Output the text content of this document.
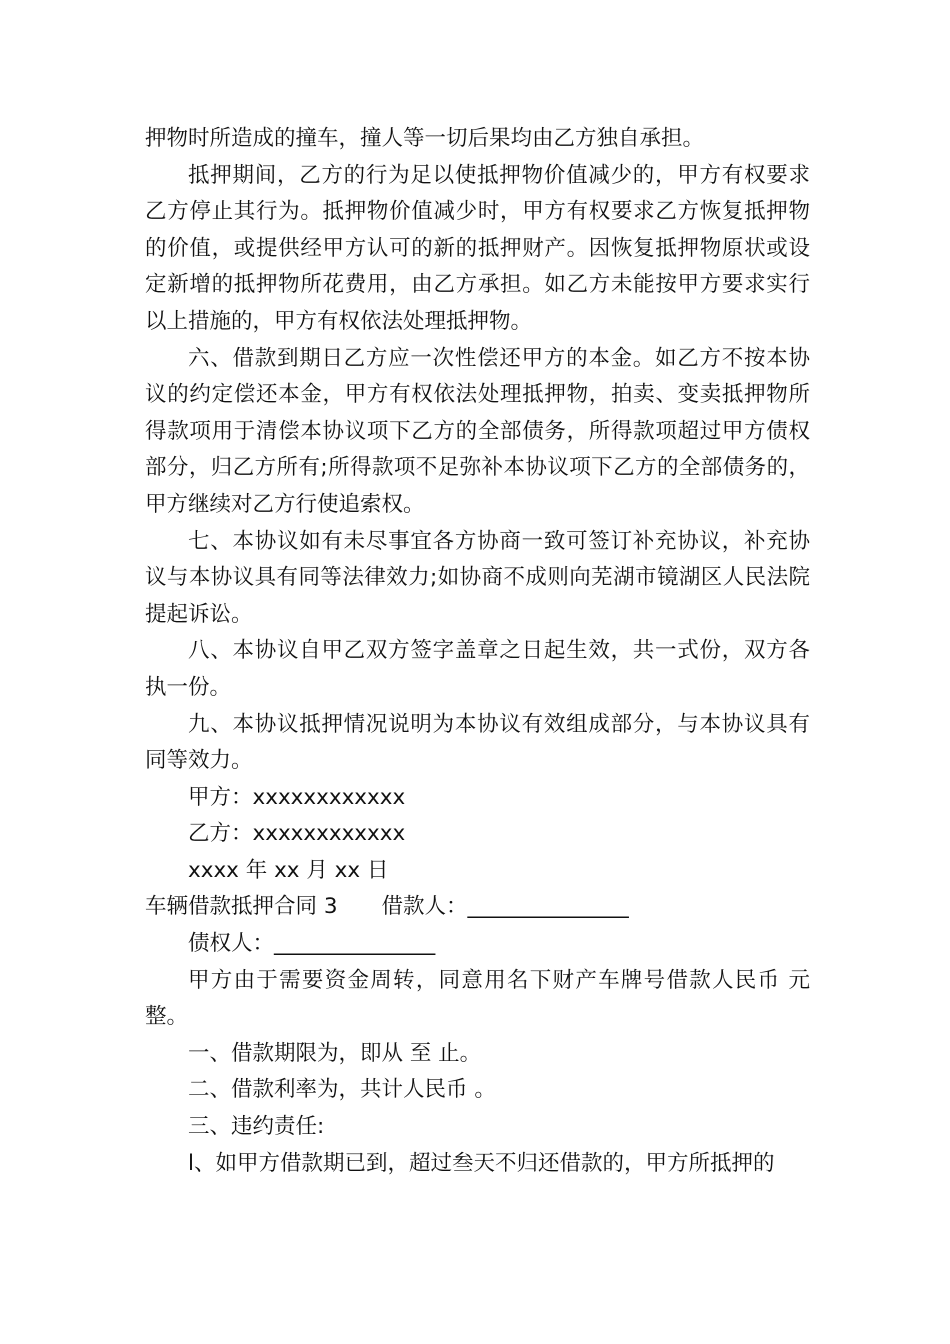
押物时所造成的撞车，撞人等一切后果均由乙方独自承担。

抵押期间，乙方的行为足以使抵押物价值减少的，甲方有权要求乙方停止其行为。抵押物价值减少时，甲方有权要求乙方恢复抵押物的价值，或提供经甲方认可的新的抵押财产。因恢复抵押物原状或设定新增的抵押物所花费用，由乙方承担。如乙方未能按甲方要求实行以上措施的，甲方有权依法处理抵押物。

六、借款到期日乙方应一次性偿还甲方的本金。如乙方不按本协议的约定偿还本金，甲方有权依法处理抵押物，拍卖、变卖抵押物所得款项用于清偿本协议项下乙方的全部债务，所得款项超过甲方债权部分，归乙方所有;所得款项不足弥补本协议项下乙方的全部债务的，甲方继续对乙方行使追索权。

七、本协议如有未尽事宜各方协商一致可签订补充协议，补充协议与本协议具有同等法律效力;如协商不成则向芜湖市镜湖区人民法院提起诉讼。

八、本协议自甲乙双方签字盖章之日起生效，共一式份，双方各执一份。

九、本协议抵押情况说明为本协议有效组成部分，与本协议具有同等效力。

甲方：xxxxxxxxxxxx

乙方：xxxxxxxxxxxx

xxxx 年 xx 月 xx 日

车辆借款抵押合同 3 借款人：_______________

债权人：_______________

甲方由于需要资金周转，同意用名下财产车牌号借款人民币 元整。

一、借款期限为，即从 至 止。

二、借款利率为，共计人民币 。

三、违约责任:

l、如甲方借款期已到，超过叁天不归还借款的，甲方所抵押的
